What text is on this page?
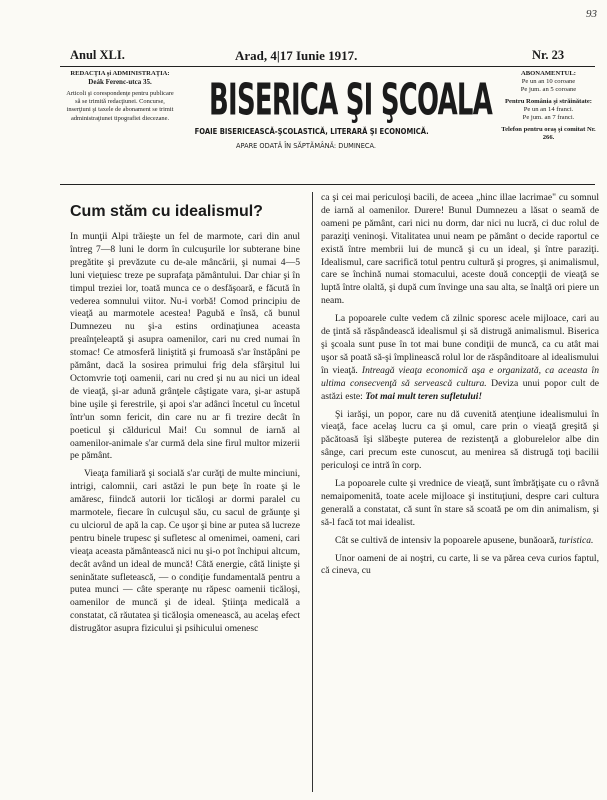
93
Anul XLI.	Arad, 4|17 Iunie 1917.	Nr. 23
REDACŢIA şi ADMINISTRAŢIA:
Deák Ferenc-utca 35.
Articoli şi corespondenţe pentru publicare să se trimită redacţiunei. Concurse, inserţiuni şi taxele de abonament se trimit administraţiunei tipografiei diecezane. BISERICA ŞI ŞCOALA
FOAIE BISERICEASCĂ-ŞCOLASTICĂ, LITERARĂ ŞI ECONOMICĂ.
APARE ODATĂ ÎN SĂPTĂMÂNĂ: DUMINECA.
ABONAMENTUL:
Pe un an 10 coroane
Pe jum. an 5 coroane
Pentru România şi străinătate:
Pe un an 14 franci.
Pe jum. an 7 franci.
Telefon pentru oraş şi comitat Nr. 266.
Cum stăm cu idealismul?

In munţii Alpi trăieşte un fel de marmote, cari din anul întreg 7—8 luni le dorm în culcuşurile lor subterane bine pregătite şi prevăzute cu de-ale mâncării, şi numai 4—5 luni vieţuiesc treze pe suprafaţa pământului. Dar chiar şi în timpul treziei lor, toată munca ce o desfăşoară, e făcută în vederea somnului viitor. Nu-i vorbă! Comod principiu de vieaţă au marmotele acestea! Pagubă e însă, că bunul Dumnezeu nu şi-a estins ordinaţiunea aceasta preaînţeleaptă şi asupra oamenilor, cari nu cred numai în stomac! Ce atmosferă liniştită şi frumoasă s'ar înstăpâni pe pământ, dacă la sosirea primului frig dela sfârşitul lui Octomvrie toţi oamenii, cari nu cred şi nu au nici un ideal de vieaţă, şi-ar adună grânţele câştigate vara, şi-ar astupă bine uşile şi ferestrile, şi apoi s'ar adânci încetul cu încetul într'un somn fericit, din care nu ar fi trezire decât în poeticul şi călduricul Mai! Cu somnul de iarnă al oamenilor-animale s'ar curmă dela sine firul multor mizerii pe pământ.

Vieaţa familiară şi socială s'ar curăţi de multe minciuni, intrigi, calomnii, cari astăzi le pun beţe în roate şi le amăresc, fiindcă autorii lor ticăloşi ar dormi paralel cu marmotele, fiecare în culcuşul său, cu sacul de grăunţe şi cu ulciorul de apă la cap. Ce uşor şi bine ar putea să lucreze pentru binele trupesc şi sufletesc al omenimei, oameni, cari vieaţa aceasta pământească nici nu şi-o pot închipui altcum, decât având un ideal de muncă! Câtă energie, câtă linişte şi seninătate sufletească, — o condiţie fundamentală pentru a putea munci — câte speranţe nu răpesc oamenii ticăloşi, oamenilor de muncă şi de ideal. Ştiinţa medicală a constatat, că răutatea şi ticăloşia omenească, au acelaş efect distrugător asupra fizicului şi psihicului omenesc

ca şi cei mai periculoşi bacili, de aceea „hinc illae lacrimae" cu somnul de iarnă al oamenilor. Durere! Bunul Dumnezeu a lăsat o seamă de oameni pe pământ, cari nici nu dorm, dar nici nu lucră, ci duc rolul de paraziţi veninoşi. Vitalitatea unui neam pe pământ o decide raportul ce există între membrii lui de muncă şi cu un ideal, şi între paraziţi. Idealismul, care sacrifică totul pentru cultură şi progres, şi animalismul, care se închină numai stomacului, aceste două concepţii de vieaţă se luptă între olaltă, şi după cum învinge una sau alta, se înalţă ori piere un neam.

La popoarele culte vedem că zilnic sporesc acele mijloace, cari au de ţintă să răspândească idealismul şi să distrugă animalismul. Biserica şi şcoala sunt puse în tot mai bune condiţii de muncă, ca cu atât mai uşor să poată să-şi împlinească rolul lor de răspânditoare al idealismului în vieaţă. Intreagă vieaţa economică aşa e organizată, ca aceasta în ultima consecvenţă să servească cultura. Deviza unui popor cult de astăzi este: Tot mai mult teren sufletului!

Şi iarăşi, un popor, care nu dă cuvenită atenţiune idealismului în vieaţă, face acelaş lucru ca şi omul, care prin o vieaţă greşită şi păcătoasă îşi slăbeşte puterea de rezistenţă a globurelelor albe din sânge, cari precum este cunoscut, au menirea să distrugă toţi bacilii periculoşi ce intră în corp.

La popoarele culte şi vrednice de vieaţă, sunt îmbrăţişate cu o râvnă nemaipomenită, toate acele mijloace şi instituţiuni, despre cari cultura generală a constatat, că sunt în stare să scoată pe om din animalism, şi să-l facă tot mai idealist.

Cât se cultivă de intensiv la popoarele apusene, bunăoară, turistica.

Unor oameni de ai noştri, cu carte, li se va părea ceva curios faptul, că cineva, cu
